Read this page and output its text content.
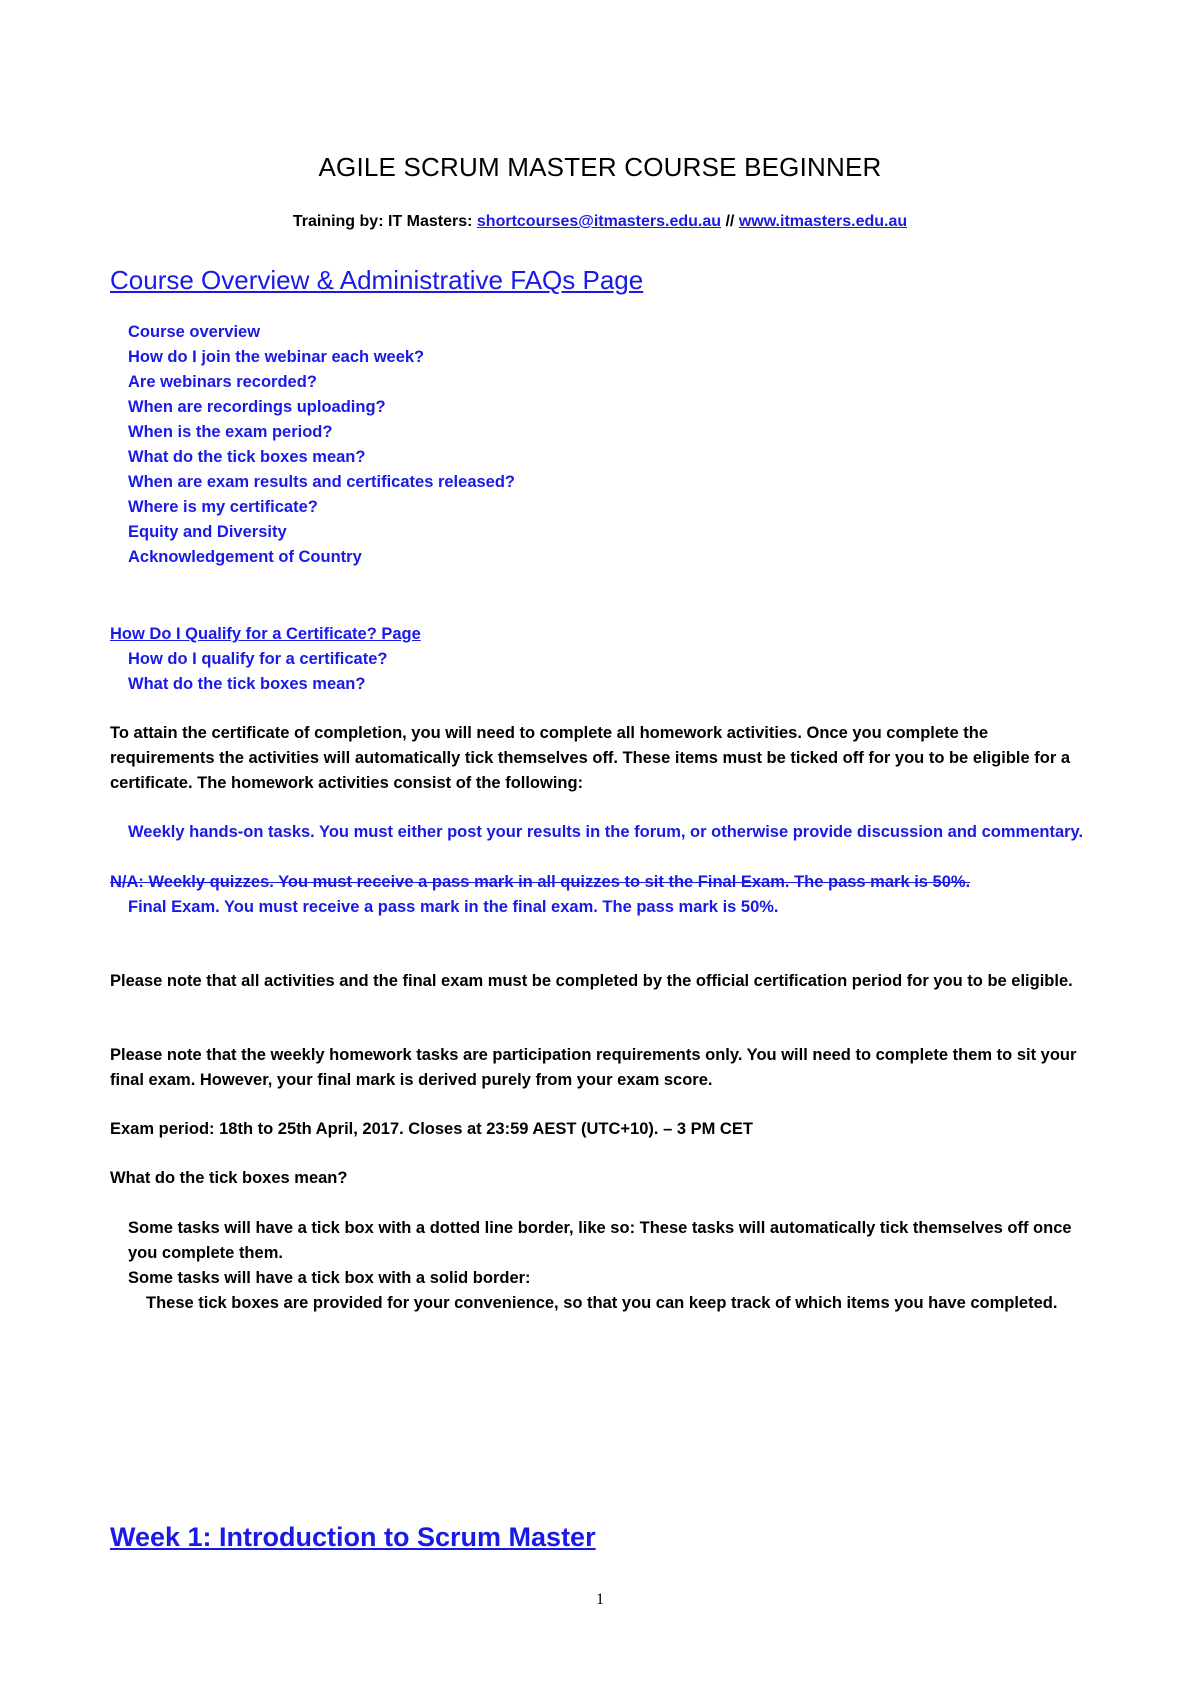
AGILE SCRUM MASTER COURSE BEGINNER
Training by: IT Masters: shortcourses@itmasters.edu.au // www.itmasters.edu.au
Course Overview & Administrative FAQs Page
Course overview
How do I join the webinar each week?
Are webinars recorded?
When are recordings uploading?
When is the exam period?
What do the tick boxes mean?
When are exam results and certificates released?
Where is my certificate?
Equity and Diversity
Acknowledgement of Country
How Do I Qualify for a Certificate? Page
How do I qualify for a certificate?
What do the tick boxes mean?

To attain the certificate of completion, you will need to complete all homework activities. Once you complete the requirements the activities will automatically tick themselves off. These items must be ticked off for you to be eligible for a certificate. The homework activities consist of the following:

Weekly hands-on tasks. You must either post your results in the forum, or otherwise provide discussion and commentary.

N/A: Weekly quizzes. You must receive a pass mark in all quizzes to sit the Final Exam. The pass mark is 50%.

Final Exam. You must receive a pass mark in the final exam. The pass mark is 50%.

Please note that all activities and the final exam must be completed by the official certification period for you to be eligible.

Please note that the weekly homework tasks are participation requirements only. You will need to complete them to sit your final exam. However, your final mark is derived purely from your exam score.

Exam period: 18th to 25th April, 2017. Closes at 23:59 AEST (UTC+10). – 3 PM CET

What do the tick boxes mean?

Some tasks will have a tick box with a dotted line border, like so: These tasks will automatically tick themselves off once you complete them.

Some tasks will have a tick box with a solid border:

These tick boxes are provided for your convenience, so that you can keep track of which items you have completed.

Week 1: Introduction to Scrum Master
1
